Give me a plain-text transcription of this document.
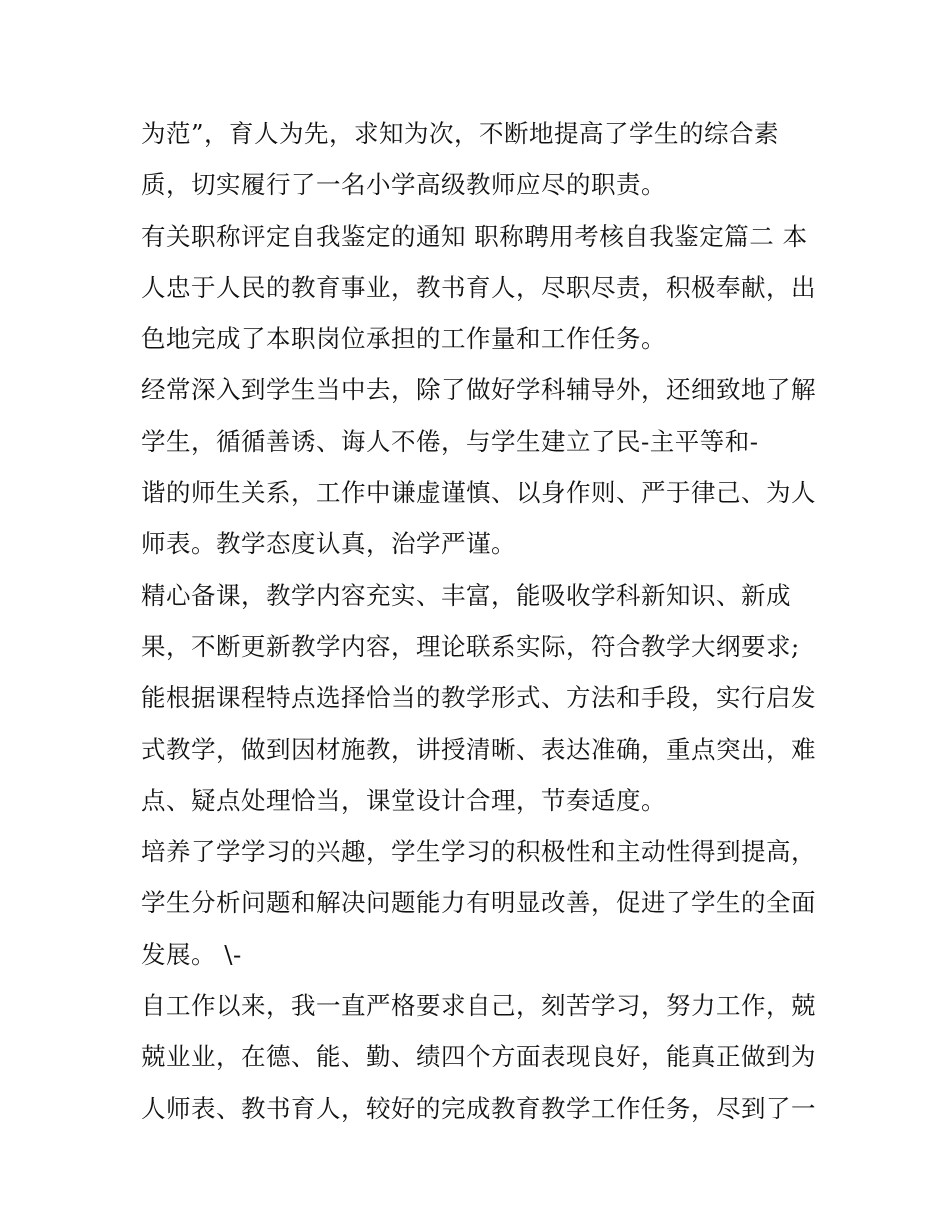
为范”，育人为先，求知为次，不断地提高了学生的综合素
质，切实履行了一名小学高级教师应尽的职责。
有关职称评定自我鉴定的通知 职称聘用考核自我鉴定篇二 本
人忠于人民的教育事业，教书育人，尽职尽责，积极奉献，出
色地完成了本职岗位承担的工作量和工作任务。
经常深入到学生当中去，除了做好学科辅导外，还细致地了解
学生，循循善诱、诲人不倦，与学生建立了民-主平等和-
谐的师生关系，工作中谦虚谨慎、以身作则、严于律己、为人
师表。教学态度认真，治学严谨。
精心备课，教学内容充实、丰富，能吸收学科新知识、新成
果，不断更新教学内容，理论联系实际，符合教学大纲要求;
能根据课程特点选择恰当的教学形式、方法和手段，实行启发
式教学，做到因材施教，讲授清晰、表达准确，重点突出，难
点、疑点处理恰当，课堂设计合理，节奏适度。
培养了学学习的兴趣，学生学习的积极性和主动性得到提高，
学生分析问题和解决问题能力有明显改善，促进了学生的全面
发展。 \-
自工作以来，我一直严格要求自己，刻苦学习，努力工作，兢
兢业业，在德、能、勤、绩四个方面表现良好，能真正做到为
人师表、教书育人，较好的完成教育教学工作任务，尽到了一
